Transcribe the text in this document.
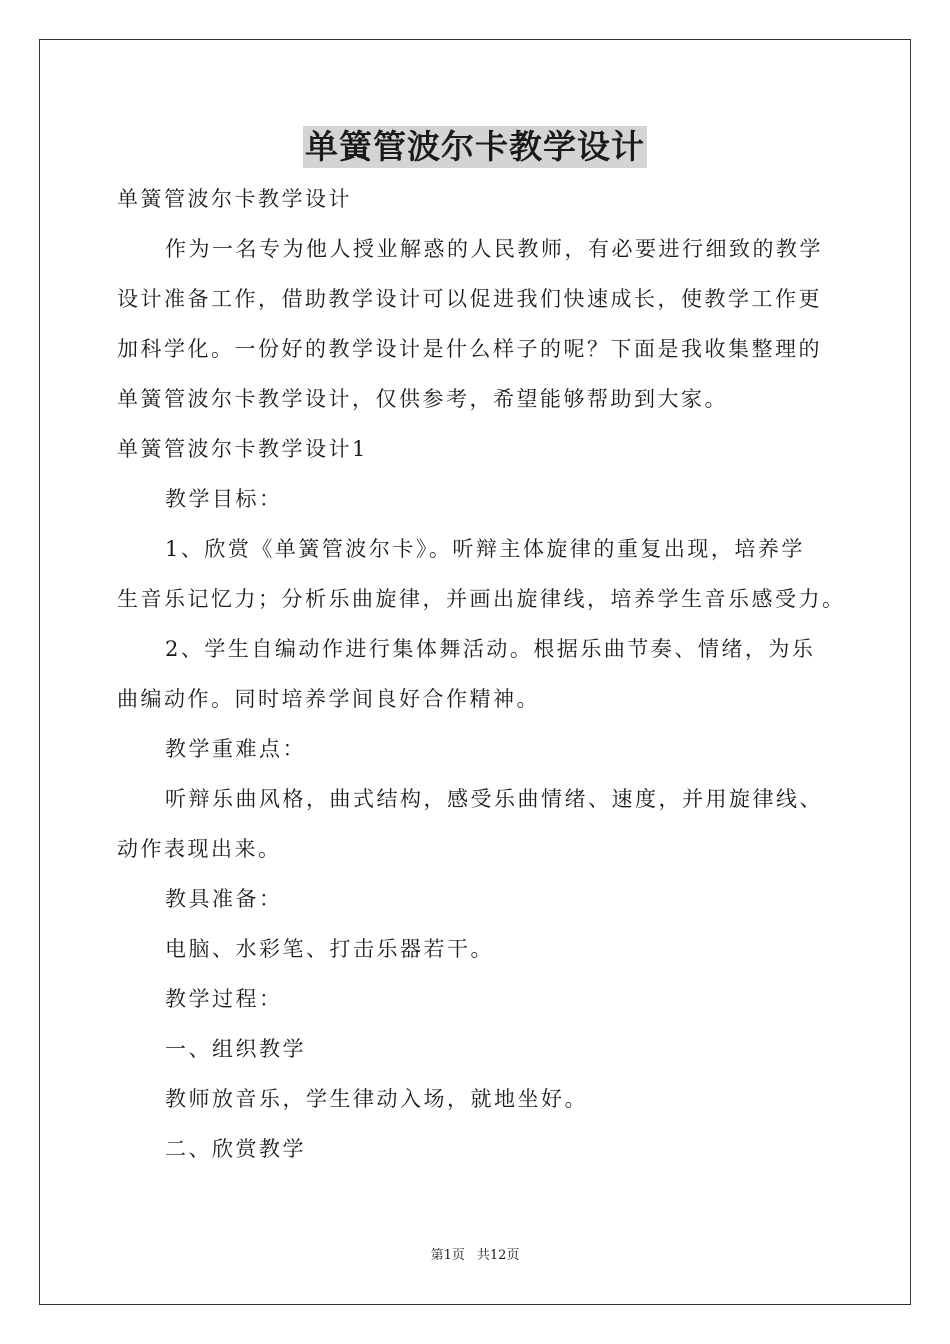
单簧管波尔卡教学设计
单簧管波尔卡教学设计
作为一名专为他人授业解惑的人民教师，有必要进行细致的教学
设计准备工作，借助教学设计可以促进我们快速成长，使教学工作更
加科学化。一份好的教学设计是什么样子的呢？下面是我收集整理的
单簧管波尔卡教学设计，仅供参考，希望能够帮助到大家。
单簧管波尔卡教学设计1
教学目标：
1、欣赏《单簧管波尔卡》。听辩主体旋律的重复出现，培养学
生音乐记忆力；分析乐曲旋律，并画出旋律线，培养学生音乐感受力。
2、学生自编动作进行集体舞活动。根据乐曲节奏、情绪，为乐
曲编动作。同时培养学间良好合作精神。
教学重难点：
听辩乐曲风格，曲式结构，感受乐曲情绪、速度，并用旋律线、
动作表现出来。
教具准备：
电脑、水彩笔、打击乐器若干。
教学过程：
一、组织教学
教师放音乐，学生律动入场，就地坐好。
二、欣赏教学
第1页 共12页
